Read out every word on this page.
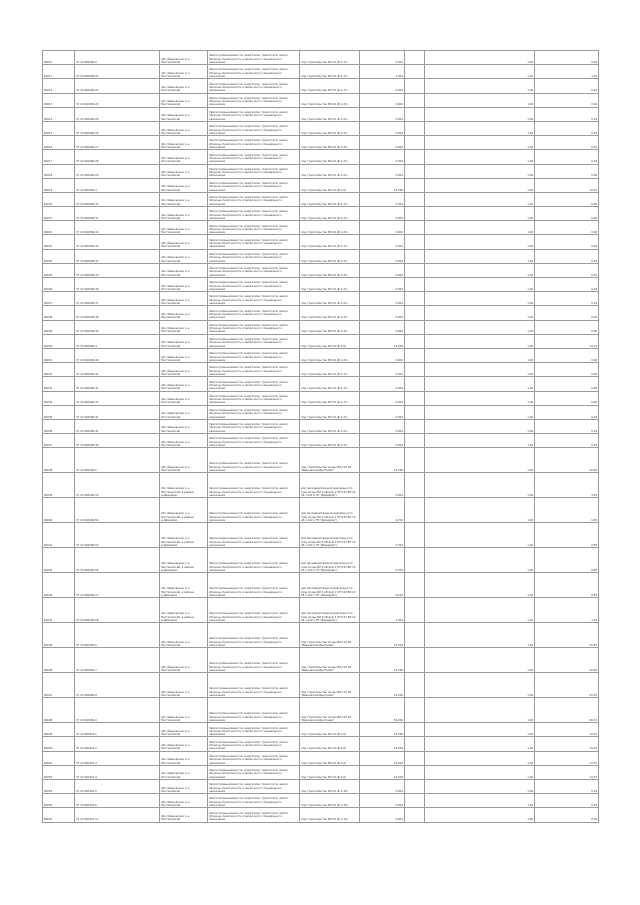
60010	37 10 040006-0	обл. Ивановская, р-н Пестяковский	Земли промышленности, энергетики, транспорта, земли обороны, безопасности и земли иного специального назначения	под строительство ВЛ-10 (Ф.1-21)	0,004		1,00	0,04
60011	37 10 040006-22	обл. Ивановская, р-н Пестяковский	Земли промышленности, энергетики, транспорта, земли обороны, безопасности и земли иного специального назначения	под строительство ВЛ-10 (Ф.1-21)	1,004		1,00	1,02
60012	37 10 040006-23	обл. Ивановская, р-н Пестяковский	Земли промышленности, энергетики, транспорта, земли обороны, безопасности и земли иного специального назначения	под строительство ВЛ-10 (Ф.1-21)	0,004		1,00	0,04
60013	37 10 040006-24	обл. Ивановская, р-н Пестяковский	Земли промышленности, энергетики, транспорта, земли обороны, безопасности и земли иного специального назначения	под строительство ВЛ-10 (Ф.1-21)	0,004		1,00	0,04
60014	37 10 040006-25	обл. Ивановская, р-н Пестяковский	Земли промышленности, энергетики, транспорта, земли обороны, безопасности и земли иного специального назначения	под строительство ВЛ-10 (Ф.1-21)	0,004		1,00	0,04
60015	37 10 040006-26	обл. Ивановская, р-н Пестяковский	Земли промышленности, энергетики, транспорта, земли обороны, безопасности и земли иного специального назначения	под строительство ВЛ-10 (Ф.1-21)	0,004		1,00	0,04
60016	37 10 040006-27	обл. Ивановская, р-н Пестяковский	Земли промышленности, энергетики, транспорта, земли обороны, безопасности и земли иного специального назначения	под строительство ВЛ-10 (Ф.1-21)	0,004		1,00	0,04
60017	37 10 040006-28	обл. Ивановская, р-н Пестяковский	Земли промышленности, энергетики, транспорта, земли обороны, безопасности и земли иного специального назначения	под строительство ВЛ-10 (Ф.1-21)	0,004		1,00	0,04
60018	37 10 040006-29	обл. Ивановская, р-н Пестяковский	Земли промышленности, энергетики, транспорта, земли обороны, безопасности и земли иного специального назначения	под строительство ВЛ-10 (Ф.1-21)	0,004		1,00	0,06
60019	37 10 040006-3	обл. Ивановская, р-н Пестяковский	Земли промышленности, энергетики, транспорта, земли обороны, безопасности и земли иного специального назначения	под строительство ВЛ-10 (Ф.2-6)	10,004		1,00	12,15
60020	37 10 040006-30	обл. Ивановская, р-н Пестяковский	Земли промышленности, энергетики, транспорта, земли обороны, безопасности и земли иного специального назначения	под строительство ВЛ-10 (Ф.1-21)	0,004		1,00	0,06
60021	37 10 040006-31	обл. Ивановская, р-н Пестяковский	Земли промышленности, энергетики, транспорта, земли обороны, безопасности и земли иного специального назначения	под строительство ВЛ-10 (Ф.1-21)	0,004		1,00	0,06
60022	37 10 040006-32	обл. Ивановская, р-н Пестяковский	Земли промышленности, энергетики, транспорта, земли обороны, безопасности и земли иного специального назначения	под строительство ВЛ-10 (Ф.1-21)	0,004		1,00	0,06
60023	37 10 040006-33	обл. Ивановская, р-н Пестяковский	Земли промышленности, энергетики, транспорта, земли обороны, безопасности и земли иного специального назначения	под строительство ВЛ-10 (Ф.1-21)	0,004		1,00	0,04
60024	37 10 040006-34	обл. Ивановская, р-н Пестяковский	Земли промышленности, энергетики, транспорта, земли обороны, безопасности и земли иного специального назначения	под строительство ВЛ-10 (Ф.1-21)	0,004		1,00	0,04
60025	37 10 040006-35	обл. Ивановская, р-н Пестяковский	Земли промышленности, энергетики, транспорта, земли обороны, безопасности и земли иного специального назначения	под строительство ВЛ-10 (Ф.1-21)	0,004		1,00	0,04
60026	37 10 040006-36	обл. Ивановская, р-н Пестяковский	Земли промышленности, энергетики, транспорта, земли обороны, безопасности и земли иного специального назначения	под строительство ВЛ-10 (Ф.1-21)	0,004		1,00	0,04
60027	37 10 040006-37	обл. Ивановская, р-н Пестяковский	Земли промышленности, энергетики, транспорта, земли обороны, безопасности и земли иного специального назначения	под строительство ВЛ-10 (Ф.1-21)	0,004		1,00	0,04
60028	37 10 040006-38	обл. Ивановская, р-н Пестяковский	Земли промышленности, энергетики, транспорта, земли обороны, безопасности и земли иного специального назначения	под строительство ВЛ-10 (Ф.1-21)	0,004		1,00	0,06
60029	37 10 040006-39	обл. Ивановская, р-н Пестяковский	Земли промышленности, энергетики, транспорта, земли обороны, безопасности и земли иного специального назначения	под строительство ВЛ-10 (Ф.1-21)	0,004		1,00	0,06
60030	37 10 040006-4	обл. Ивановская, р-н Пестяковский	Земли промышленности, энергетики, транспорта, земли обороны, безопасности и земли иного специального назначения	под строительство ВЛ-10 (Ф.2-6)	10,004		1,00	12,15
60031	37 10 040006-40	обл. Ивановская, р-н Пестяковский	Земли промышленности, энергетики, транспорта, земли обороны, безопасности и земли иного специального назначения	под строительство ВЛ-10 (Ф.1-21)	0,004		1,00	0,06
60032	37 10 040006-41	обл. Ивановская, р-н Пестяковский	Земли промышленности, энергетики, транспорта, земли обороны, безопасности и земли иного специального назначения	под строительство ВЛ-10 (Ф.1-21)	0,004		1,00	0,06
60033	37 10 040006-42	обл. Ивановская, р-н Пестяковский	Земли промышленности, энергетики, транспорта, земли обороны, безопасности и земли иного специального назначения	под строительство ВЛ-10 (Ф.1-21)	0,004		1,00	0,06
60034	37 10 040006-43	обл. Ивановская, р-н Пестяковский	Земли промышленности, энергетики, транспорта, земли обороны, безопасности и земли иного специального назначения	под строительство ВЛ-10 (Ф.1-21)	0,004		1,00	0,06
60035	37 10 040006-44	обл. Ивановская, р-н Пестяковский	Земли промышленности, энергетики, транспорта, земли обороны, безопасности и земли иного специального назначения	под строительство ВЛ-10 (Ф.1-21)	0,004		1,00	0,04
60036	37 10 040006-45	обл. Ивановская, р-н Пестяковский	Земли промышленности, энергетики, транспорта, земли обороны, безопасности и земли иного специального назначения	под строительство ВЛ-10 (Ф.1-21)	0,004		1,00	0,04
60037	37 10 040006-46	обл. Ивановская, р-н Пестяковский	Земли промышленности, энергетики, транспорта, земли обороны, безопасности и земли иного специального назначения	под строительство ВЛ-10 (Ф.1-21)	0,004		1,00	0,04
60038	37 10 040006-5	обл. Ивановская, р-н Пестяковский	Земли промышленности, энергетики, транспорта, земли обороны, безопасности и земли иного специального назначения	под строительство опоры ВЛ-110 кВ "Ивановская-Дмитриев"	21,004		1,00	25,50
60039	37 10 040006-50	обл. Ивановская, р-н Пестяковский, в районе д.Демидово	Земли промышленности, энергетики, транспорта, земли обороны, безопасности и земли иного специального назначения	для производственной деятельности (под опоры ВЛ 6 кВ ф-ф 1 КТП-21 ВЛ 10 кВ ч.122 и ТП "Демидово")	0,004		1,00	4,87
60040	37 10 040006-56	обл. Ивановская, р-н Пестяковский, в районе д.Демидово	Земли промышленности, энергетики, транспорта, земли обороны, безопасности и земли иного специального назначения	для производственной деятельности (под опоры ВЛ 6 кВ ф-ф 1 КТП-21 ВЛ 10 кВ ч.122 и ТП "Демидово")	0,704		1,00	0,85
60041	37 10 040006-59	обл. Ивановская, р-н Пестяковский, в районе д.Демидово	Земли промышленности, энергетики, транспорта, земли обороны, безопасности и земли иного специального назначения	для производственной деятельности (под опоры ВЛ 6 кВ ф-ф 1 КТП-21 ВЛ 10 кВ ч.122 и ТП "Демидово")	0,704		1,00	0,85
60042	37 10 040006-56	обл. Ивановская, р-н Пестяковский, в районе д.Демидово	Земли промышленности, энергетики, транспорта, земли обороны, безопасности и земли иного специального назначения	для производственной деятельности (под опоры ВЛ 6 кВ ф-ф 1 КТП-21 ВЛ 10 кВ ч.122 и ТП "Демидово")	0,704		1,00	0,85
60043	37 10 040006-57	обл. Ивановская, р-н Пестяковский, в районе д.Демидово	Земли промышленности, энергетики, транспорта, земли обороны, безопасности и земли иного специального назначения	для производственной деятельности (под опоры ВЛ 6 кВ ф-ф 1 КТП-21 ВЛ 10 кВ ч.122 и ТП "Демидово")	0,104		1,00	0,84
60044	37 10 040006-58	обл. Ивановская, р-н Пестяковский, в районе д.Демидово	Земли промышленности, энергетики, транспорта, земли обороны, безопасности и земли иного специального назначения	для производственной деятельности (под опоры ВЛ 6 кВ ф-ф 1 КТП-21 ВЛ 10 кВ ч.122 и ТП "Демидово")	1,004		1,00	1,54
60045	37 10 040006-6	обл. Ивановская, р-н Пестяковский	Земли промышленности, энергетики, транспорта, земли обороны, безопасности и земли иного специального назначения	под строительство опоры ВЛ-110 кВ "Ивановская-Дмитриев"	21,004		1,00	25,50
60046	37 10 040006-7	обл. Ивановская, р-н Пестяковский	Земли промышленности, энергетики, транспорта, земли обороны, безопасности и земли иного специального назначения	под строительство опоры ВЛ-110 кВ "Ивановская-Дмитриев"	21,004		1,00	25,50
60047	37 10 040006-8	обл. Ивановская, р-н Пестяковский	Земли промышленности, энергетики, транспорта, земли обороны, безопасности и земли иного специального назначения	под строительство опоры ВЛ-110 кВ "Ивановская-Дмитриев"	21,004		1,00	25,50
60048	37 10 040006-9	обл. Ивановская, р-н Пестяковский	Земли промышленности, энергетики, транспорта, земли обороны, безопасности и земли иного специального назначения	под строительство опоры ВЛ-110 кВ "Ивановская-Дмитриев"	50,004		1,00	60,72
60049	37 10 040401-1	обл. Ивановская, р-н Пестяковский	Земли промышленности, энергетики, транспорта, земли обороны, безопасности и земли иного специального назначения	под строительство ВЛ-10 (Ф.2-6)	10,004		1,00	12,15
60050	37 10 040401-2	обл. Ивановская, р-н Пестяковский	Земли промышленности, энергетики, транспорта, земли обороны, безопасности и земли иного специального назначения	под строительство ВЛ-10 (Ф.2-6)	10,004		1,00	12,15
60051	37 10 040401-3	обл. Ивановская, р-н Пестяковский	Земли промышленности, энергетики, транспорта, земли обороны, безопасности и земли иного специального назначения	под строительство ВЛ-10 (Ф.2-6)	10,004		1,00	12,15
60052	37 10 040401-4	обл. Ивановская, р-н Пестяковский	Земли промышленности, энергетики, транспорта, земли обороны, безопасности и земли иного специального назначения	под строительство ВЛ-10 (Ф.2-6)	10,004		1,00	12,15
60053	37 10 040401-5	обл. Ивановская, р-н Пестяковский	Земли промышленности, энергетики, транспорта, земли обороны, безопасности и земли иного специального назначения	под строительство ВЛ-10 (Ф.1-18)	0,004		1,00	0,04
60054	37 10 040401-6	обл. Ивановская, р-н Пестяковский	Земли промышленности, энергетики, транспорта, земли обороны, безопасности и земли иного специального назначения	под строительство ВЛ-10 (Ф.1-18)	0,004		1,00	0,04
60055	37 10 040401-11	обл. Ивановская, р-н Пестяковский	Земли промышленности, энергетики, транспорта, земли обороны, безопасности и земли иного специального назначения	под строительство ВЛ-10 (Ф.1-18)	0,004		1,00	0,04
